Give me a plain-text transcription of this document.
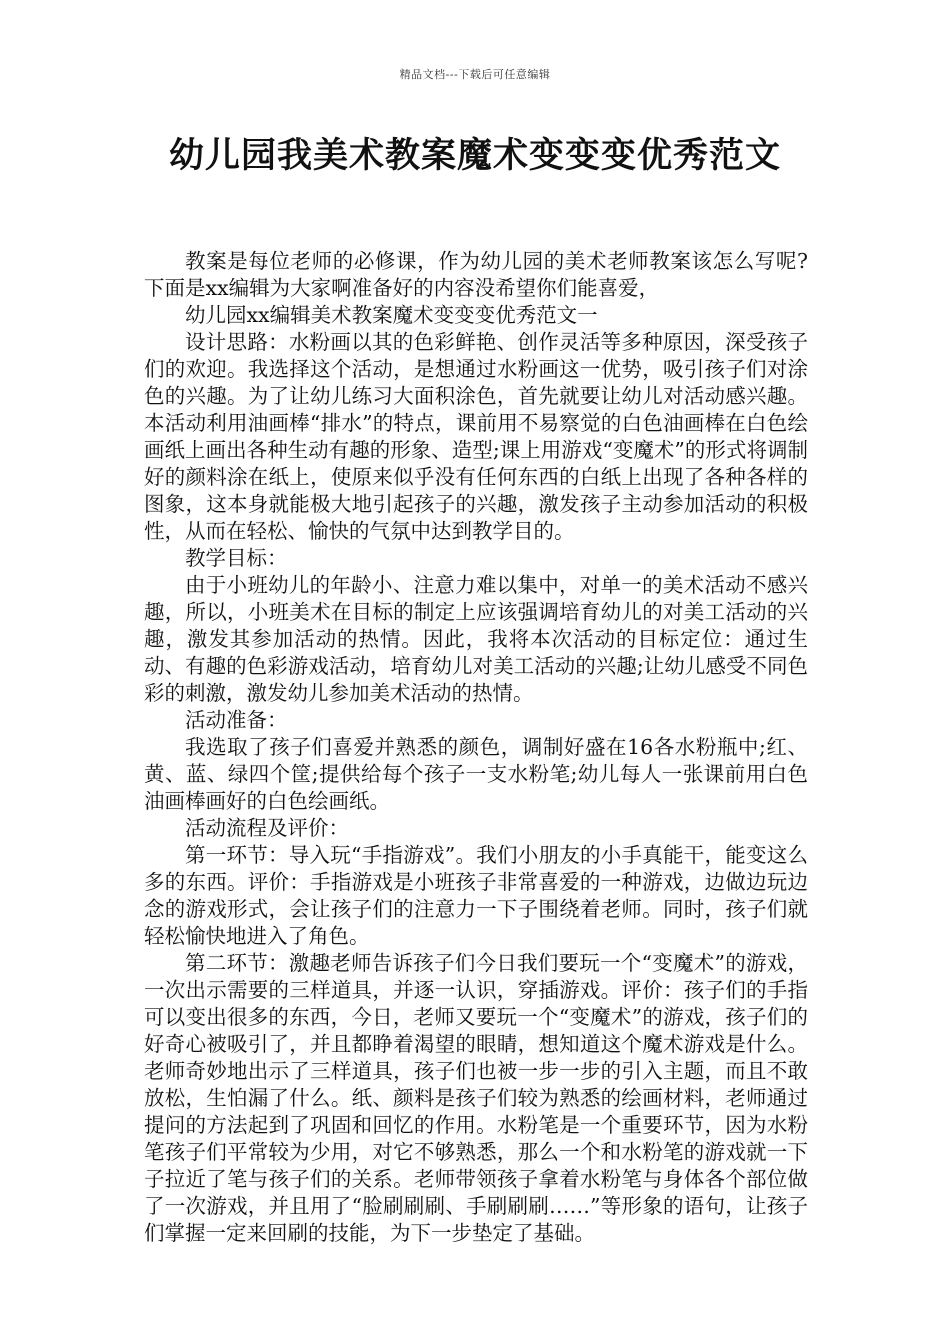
精品文档---下载后可任意编辑
幼儿园我美术教案魔术变变变优秀范文

教案是每位老师的必修课，作为幼儿园的美术老师教案该怎么写呢?下面是xx编辑为大家啊准备好的内容没希望你们能喜爱，

幼儿园xx编辑美术教案魔术变变变优秀范文一

设计思路：水粉画以其的色彩鲜艳、创作灵活等多种原因，深受孩子们的欢迎。我选择这个活动，是想通过水粉画这一优势，吸引孩子们对涂色的兴趣。为了让幼儿练习大面积涂色，首先就要让幼儿对活动感兴趣。本活动利用油画棒“排水”的特点，课前用不易察觉的白色油画棒在白色绘画纸上画出各种生动有趣的形象、造型;课上用游戏“变魔术”的形式将调制好的颜料涂在纸上，使原来似乎没有任何东西的白纸上出现了各种各样的图象，这本身就能极大地引起孩子的兴趣，激发孩子主动参加活动的积极性，从而在轻松、愉快的气氛中达到教学目的。

教学目标：

由于小班幼儿的年龄小、注意力难以集中，对单一的美术活动不感兴趣，所以，小班美术在目标的制定上应该强调培育幼儿的对美工活动的兴趣，激发其参加活动的热情。因此，我将本次活动的目标定位：通过生动、有趣的色彩游戏活动，培育幼儿对美工活动的兴趣;让幼儿感受不同色彩的刺激，激发幼儿参加美术活动的热情。

活动准备：

我选取了孩子们喜爱并熟悉的颜色，调制好盛在16各水粉瓶中;红、黄、蓝、绿四个筐;提供给每个孩子一支水粉笔;幼儿每人一张课前用白色油画棒画好的白色绘画纸。

活动流程及评价：

第一环节：导入玩“手指游戏”。我们小朋友的小手真能干，能变这么多的东西。评价：手指游戏是小班孩子非常喜爱的一种游戏，边做边玩边念的游戏形式，会让孩子们的注意力一下子围绕着老师。同时，孩子们就轻松愉快地进入了角色。

第二环节：激趣老师告诉孩子们今日我们要玩一个“变魔术”的游戏，一次出示需要的三样道具，并逐一认识，穿插游戏。评价：孩子们的手指可以变出很多的东西，今日，老师又要玩一个“变魔术”的游戏，孩子们的好奇心被吸引了，并且都睁着渴望的眼睛，想知道这个魔术游戏是什么。老师奇妙地出示了三样道具，孩子们也被一步一步的引入主题，而且不敢放松，生怕漏了什么。纸、颜料是孩子们较为熟悉的绘画材料，老师通过提问的方法起到了巩固和回忆的作用。水粉笔是一个重要环节，因为水粉笔孩子们平常较为少用，对它不够熟悉，那么一个和水粉笔的游戏就一下子拉近了笔与孩子们的关系。老师带领孩子拿着水粉笔与身体各个部位做了一次游戏，并且用了“脸刷刷刷、手刷刷刷……”等形象的语句，让孩子们掌握一定来回刷的技能，为下一步垫定了基础。
